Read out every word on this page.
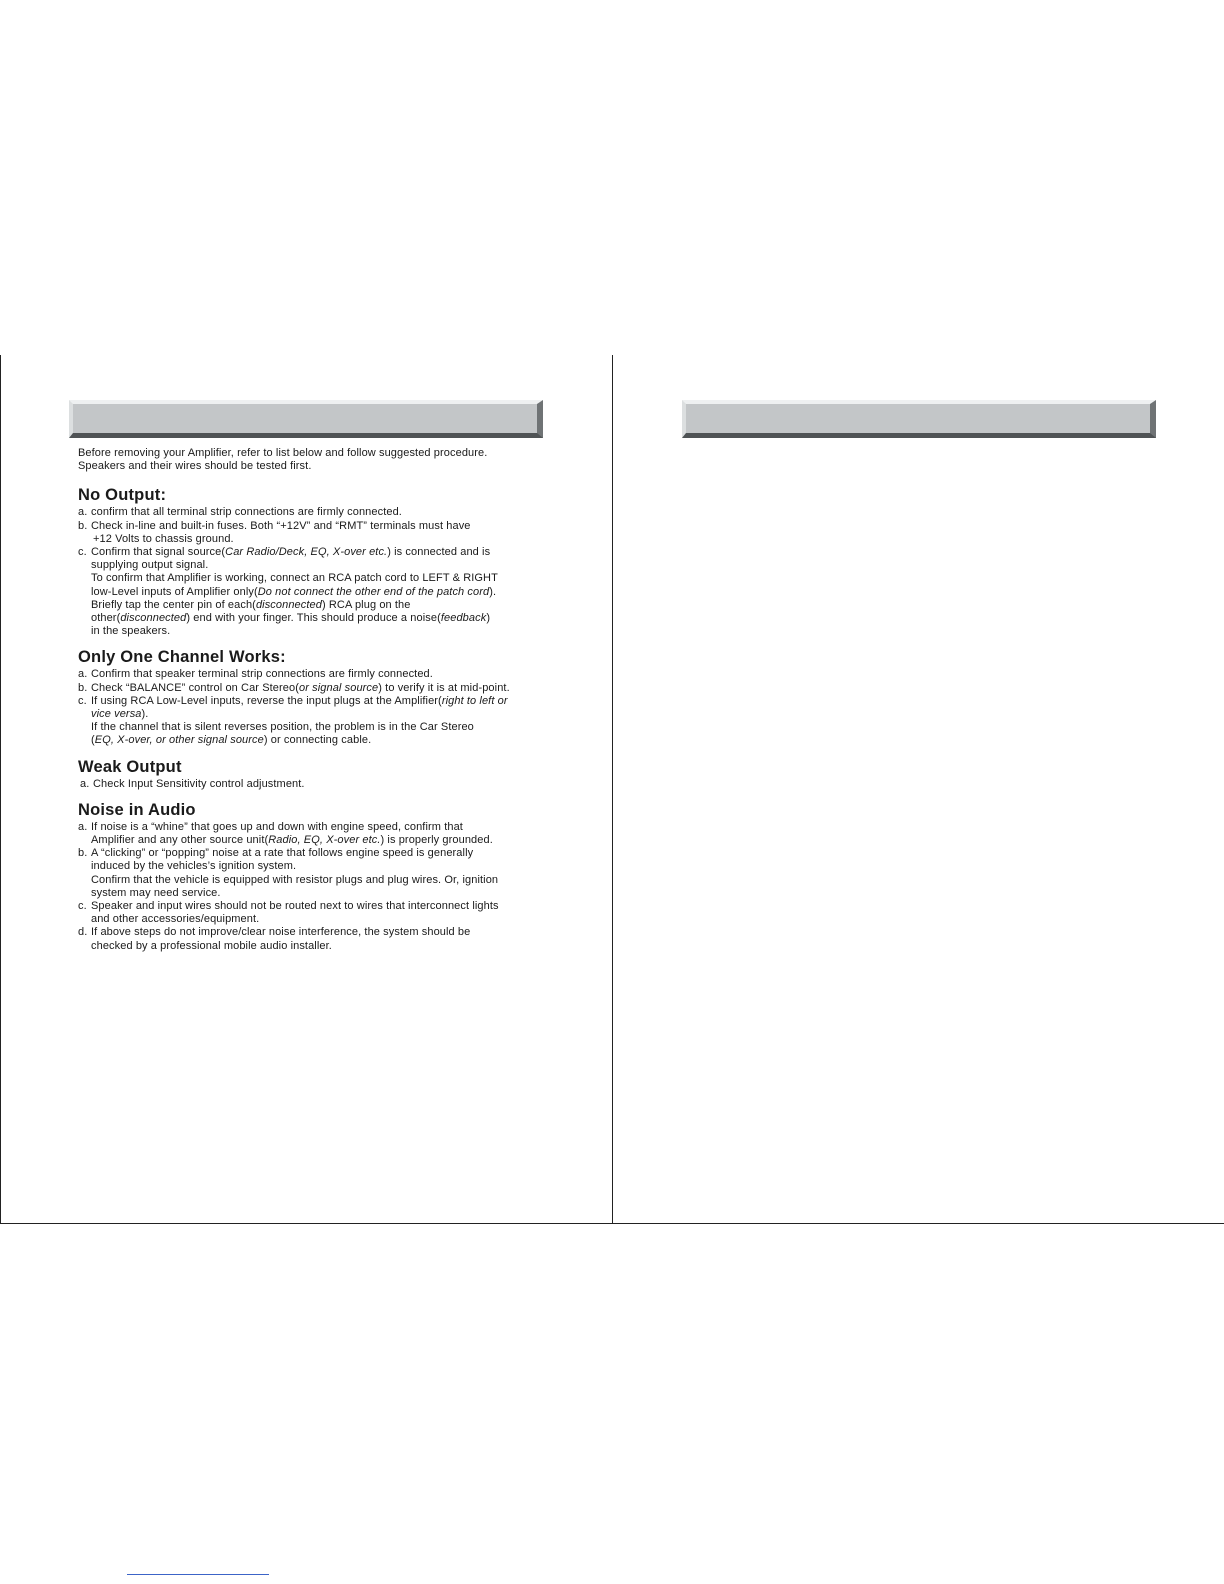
Before removing your Amplifier, refer to list below and follow suggested procedure.

Speakers and their wires should be tested first.

No Output:
a. confirm that all terminal strip connections are firmly connected.
b. Check in-line and built-in fuses. Both “+12V” and “RMT” terminals must have
+12 Volts to chassis ground.
c. Confirm that signal source(Car Radio/Deck, EQ, X-over etc.) is connected and is
supplying output signal.
To confirm that Amplifier is working, connect an RCA patch cord to LEFT & RIGHT
low-Level inputs of Amplifier only(Do not connect the other end of the patch cord).
Briefly tap the center pin of each(disconnected) RCA plug on the
other(disconnected) end with your finger. This should produce a noise(feedback)
in the speakers.
Only One Channel Works:
a. Confirm that speaker terminal strip connections are firmly connected.
b. Check “BALANCE” control on Car Stereo(or signal source) to verify it is at mid-point.
c. If using RCA Low-Level inputs, reverse the input plugs at the Amplifier(right to left or
vice versa).
If the channel that is silent reverses position, the problem is in the Car Stereo
(EQ, X-over, or other signal source) or connecting cable.
Weak Output
a. Check Input Sensitivity control adjustment.
Noise in Audio
a. If noise is a “whine” that goes up and down with engine speed, confirm that
Amplifier and any other source unit(Radio, EQ, X-over etc.) is properly grounded.
b. A “clicking” or “popping” noise at a rate that follows engine speed is generally
induced by the vehicles’s ignition system.
Confirm that the vehicle is equipped with resistor plugs and plug wires. Or, ignition
system may need service.
c. Speaker and input wires should not be routed next to wires that interconnect lights
and other accessories/equipment.
d. If above steps do not improve/clear noise interference, the system should be
checked by a professional mobile audio installer.
